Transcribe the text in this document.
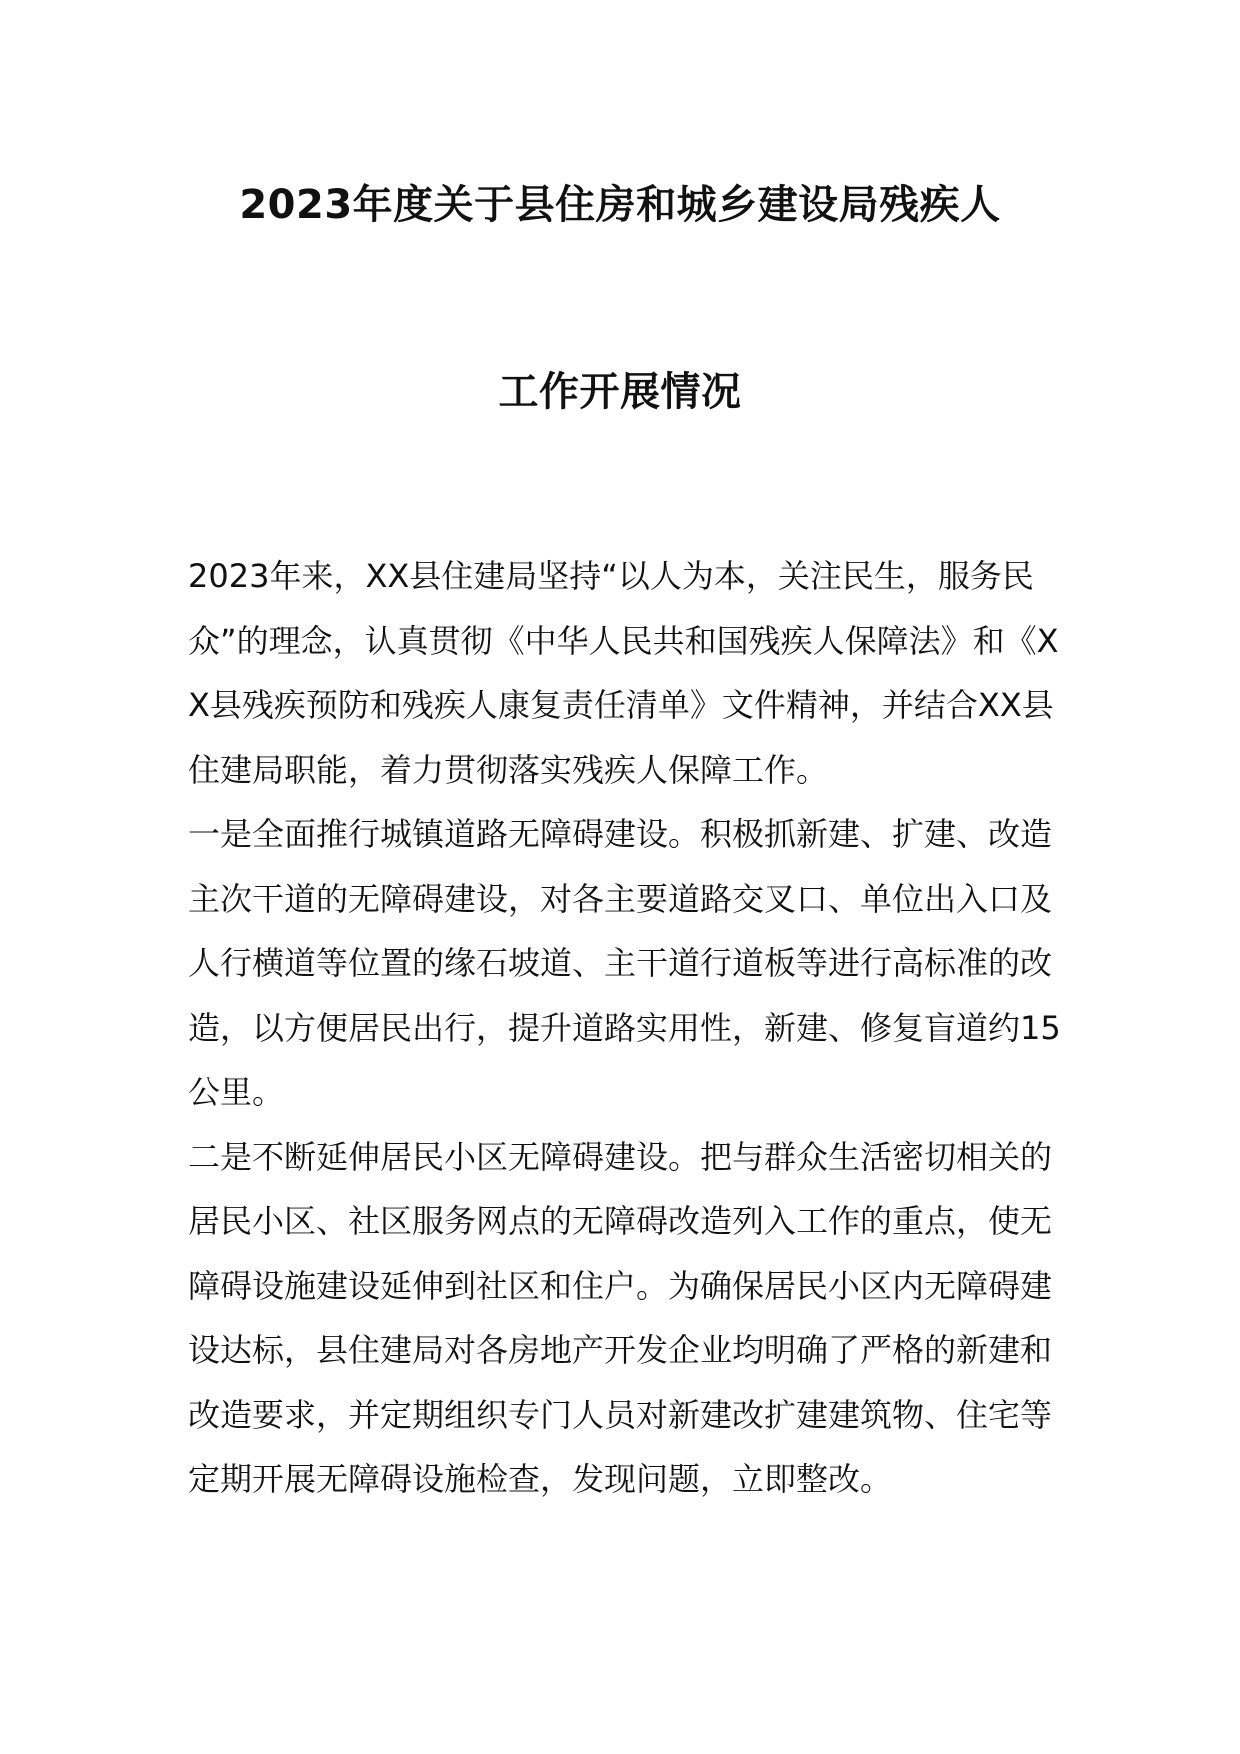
2023年度关于县住房和城乡建设局残疾人
工作开展情况

2023年来，XX县住建局坚持“以人为本，关注民生，服务民众”的理念，认真贯彻《中华人民共和国残疾人保障法》和《XX县残疾预防和残疾人康复责任清单》文件精神，并结合XX县住建局职能，着力贯彻落实残疾人保障工作。

一是全面推行城镇道路无障碍建设。积极抓新建、扩建、改造主次干道的无障碍建设，对各主要道路交叉口、单位出入口及人行横道等位置的缘石坡道、主干道行道板等进行高标准的改造，以方便居民出行，提升道路实用性，新建、修复盲道约15公里。

二是不断延伸居民小区无障碍建设。把与群众生活密切相关的居民小区、社区服务网点的无障碍改造列入工作的重点，使无障碍设施建设延伸到社区和住户。为确保居民小区内无障碍建设达标，县住建局对各房地产开发企业均明确了严格的新建和改造要求，并定期组织专门人员对新建改扩建建筑物、住宅等定期开展无障碍设施检查，发现问题，立即整改。
